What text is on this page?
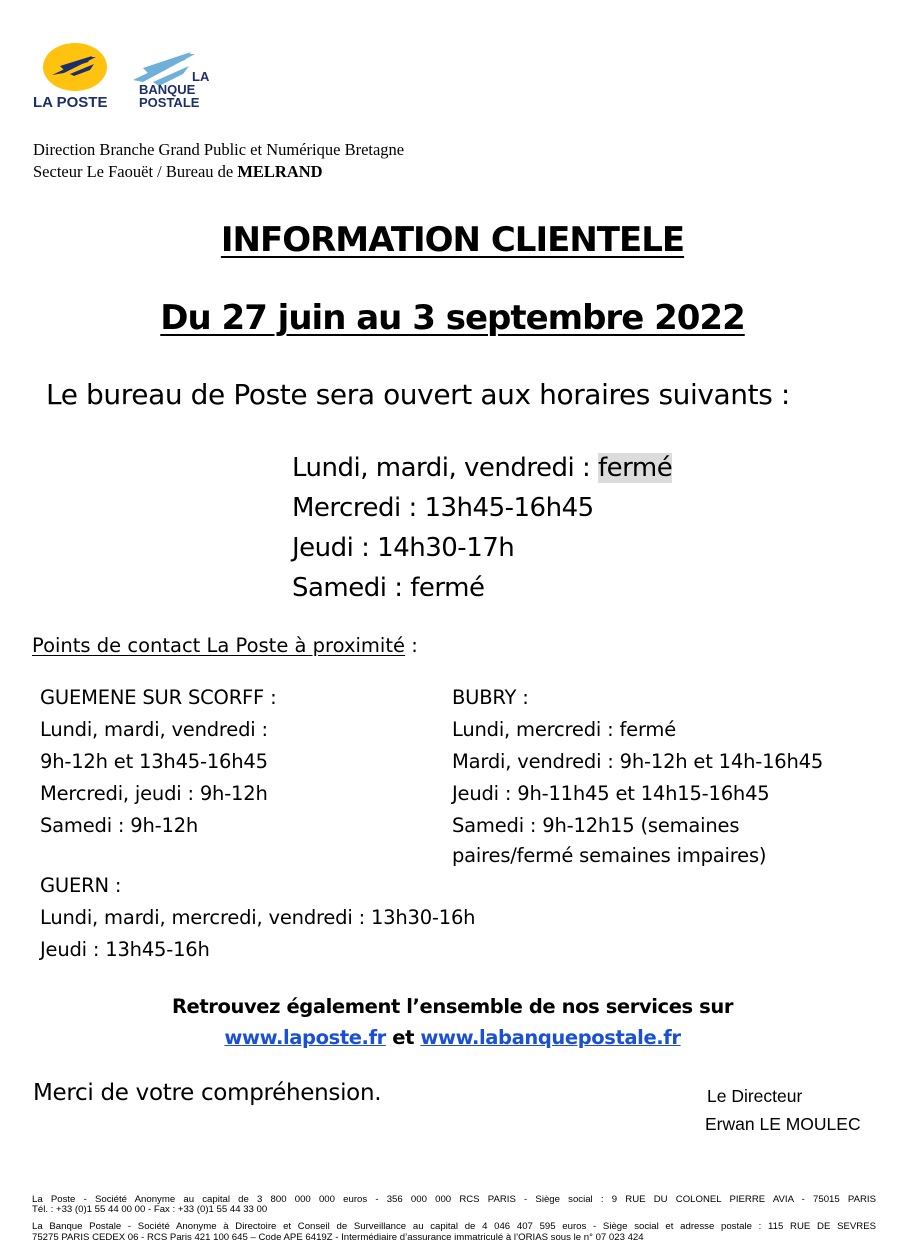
LA POSTE
LA
BANQUE
POSTALE
Direction Branche Grand Public et Numérique Bretagne
Secteur Le Faouët / Bureau de MELRAND
INFORMATION CLIENTELE
Du 27 juin au 3 septembre 2022
Le bureau de Poste sera ouvert aux horaires suivants :
Lundi, mardi, vendredi : fermé
Mercredi : 13h45-16h45
Jeudi : 14h30-17h
Samedi : fermé
Points de contact La Poste à proximité :
GUEMENE SUR SCORFF :
Lundi, mardi, vendredi :
9h-12h et 13h45-16h45
Mercredi, jeudi : 9h-12h
Samedi : 9h-12h
BUBRY :
Lundi, mercredi : fermé
Mardi, vendredi : 9h-12h et 14h-16h45
Jeudi : 9h-11h45 et 14h15-16h45
Samedi : 9h-12h15 (semaines
paires/fermé semaines impaires)
GUERN :
Lundi, mardi, mercredi, vendredi : 13h30-16h
Jeudi : 13h45-16h
Retrouvez également l’ensemble de nos services sur
www.laposte.fr et www.labanquepostale.fr
Merci de votre compréhension.	Le Directeur
Erwan LE MOULEC
La Poste - Société Anonyme au capital de 3 800 000 000 euros - 356 000 000 RCS PARIS - Siège social : 9 RUE DU COLONEL PIERRE AVIA - 75015 PARIS
Tél. : +33 (0)1 55 44 00 00 - Fax : +33 (0)1 55 44 33 00
La Banque Postale - Société Anonyme à Directoire et Conseil de Surveillance au capital de 4 046 407 595 euros - Siège social et adresse postale : 115 RUE DE SEVRES
75275 PARIS CEDEX 06 - RCS Paris 421 100 645 – Code APE 6419Z - Intermédiaire d’assurance immatriculé à l’ORIAS sous le n° 07 023 424
